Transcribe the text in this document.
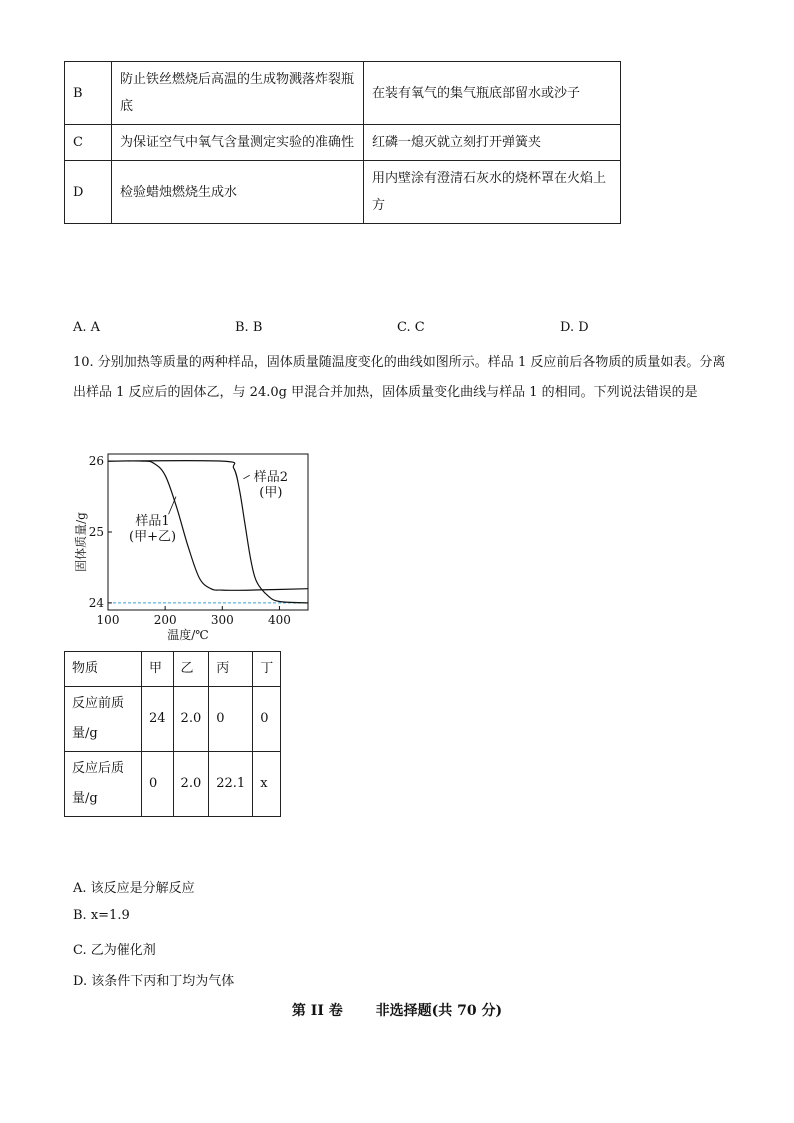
B	防止铁丝燃烧后高温的生成物溅落炸裂瓶底	在装有氧气的集气瓶底部留水或沙子
C	为保证空气中氧气含量测定实验的准确性	红磷一熄灭就立刻打开弹簧夹
D	检验蜡烛燃烧生成水	用内壁涂有澄清石灰水的烧杯罩在火焰上方
A. A	B. B	C. C	D. D
10. 分别加热等质量的两种样品，固体质量随温度变化的曲线如图所示。样品 1 反应前后各物质的质量如表。分离出样品 1 反应后的固体乙，与 24.0g 甲混合并加热，固体质量变化曲线与样品 1 的相同。下列说法错误的是
100	200	300	400
24
25
26
温度/℃
固体质量/g	样品1
(甲+乙)
样品2
(甲)
物质	甲	乙	丙	丁
反应前质量/g	24	2.0	0	0
反应后质量/g	0	2.0	22.1	x
A. 该反应是分解反应
B. x=1.9
C. 乙为催化剂
D. 该条件下丙和丁均为气体
第 II 卷 非选择题(共 70 分)
